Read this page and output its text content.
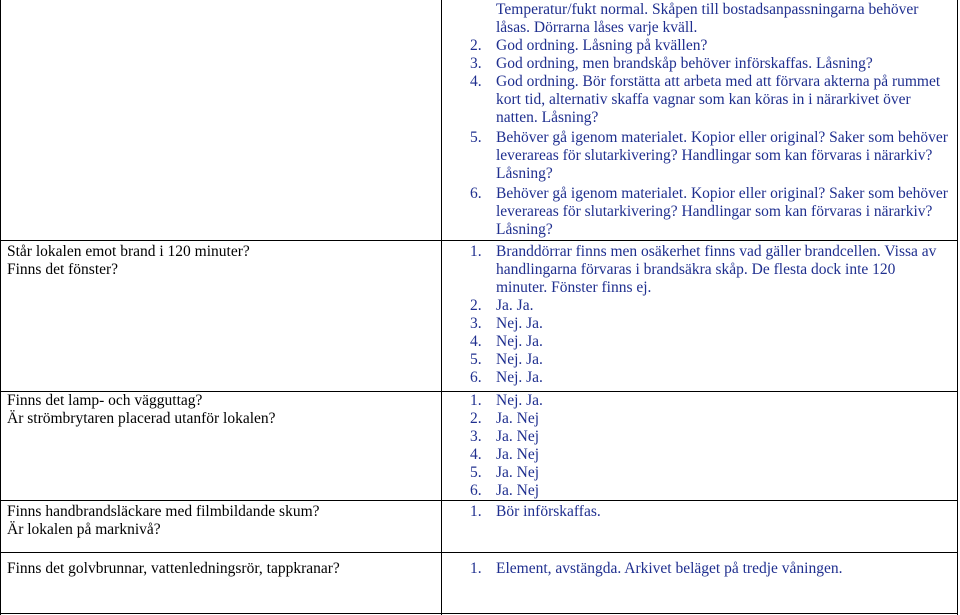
Temperatur/fukt normal. Skåpen till bostadsanpassningarna behöver
låsas. Dörrarna låses varje kväll.
2. God ordning. Låsning på kvällen?
3. God ordning, men brandskåp behöver införskaffas. Låsning?
4. God ordning. Bör forstätta att arbeta med att förvara akterna på rummet kort tid, alternativ skaffa vagnar som kan köras in i närarkivet över natten. Låsning?
5. Behöver gå igenom materialet. Kopior eller original? Saker som behöver leverareas för slutarkivering? Handlingar som kan förvaras i närarkiv? Låsning?
6. Behöver gå igenom materialet. Kopior eller original? Saker som behöver leverareas för slutarkivering? Handlingar som kan förvaras i närarkiv? Låsning?
Står lokalen emot brand i 120 minuter?
Finns det fönster?
1. Branddörrar finns men osäkerhet finns vad gäller brandcellen. Vissa av handlingarna förvaras i brandsäkra skåp. De flesta dock inte 120 minuter. Fönster finns ej.
2. Ja. Ja.
3. Nej. Ja.
4. Nej. Ja.
5. Nej. Ja.
6. Nej. Ja.
Finns det lamp- och vägguttag?
Är strömbrytaren placerad utanför lokalen?
1. Nej. Ja.
2. Ja. Nej
3. Ja. Nej
4. Ja. Nej
5. Ja. Nej
6. Ja. Nej
Finns handbrandsläckare med filmbildande skum?
Är lokalen på marknivå?
1. Bör införskaffas.
Finns det golvbrunnar, vattenledningsrör, tappkranar?	1. Element, avstängda. Arkivet beläget på tredje våningen.
